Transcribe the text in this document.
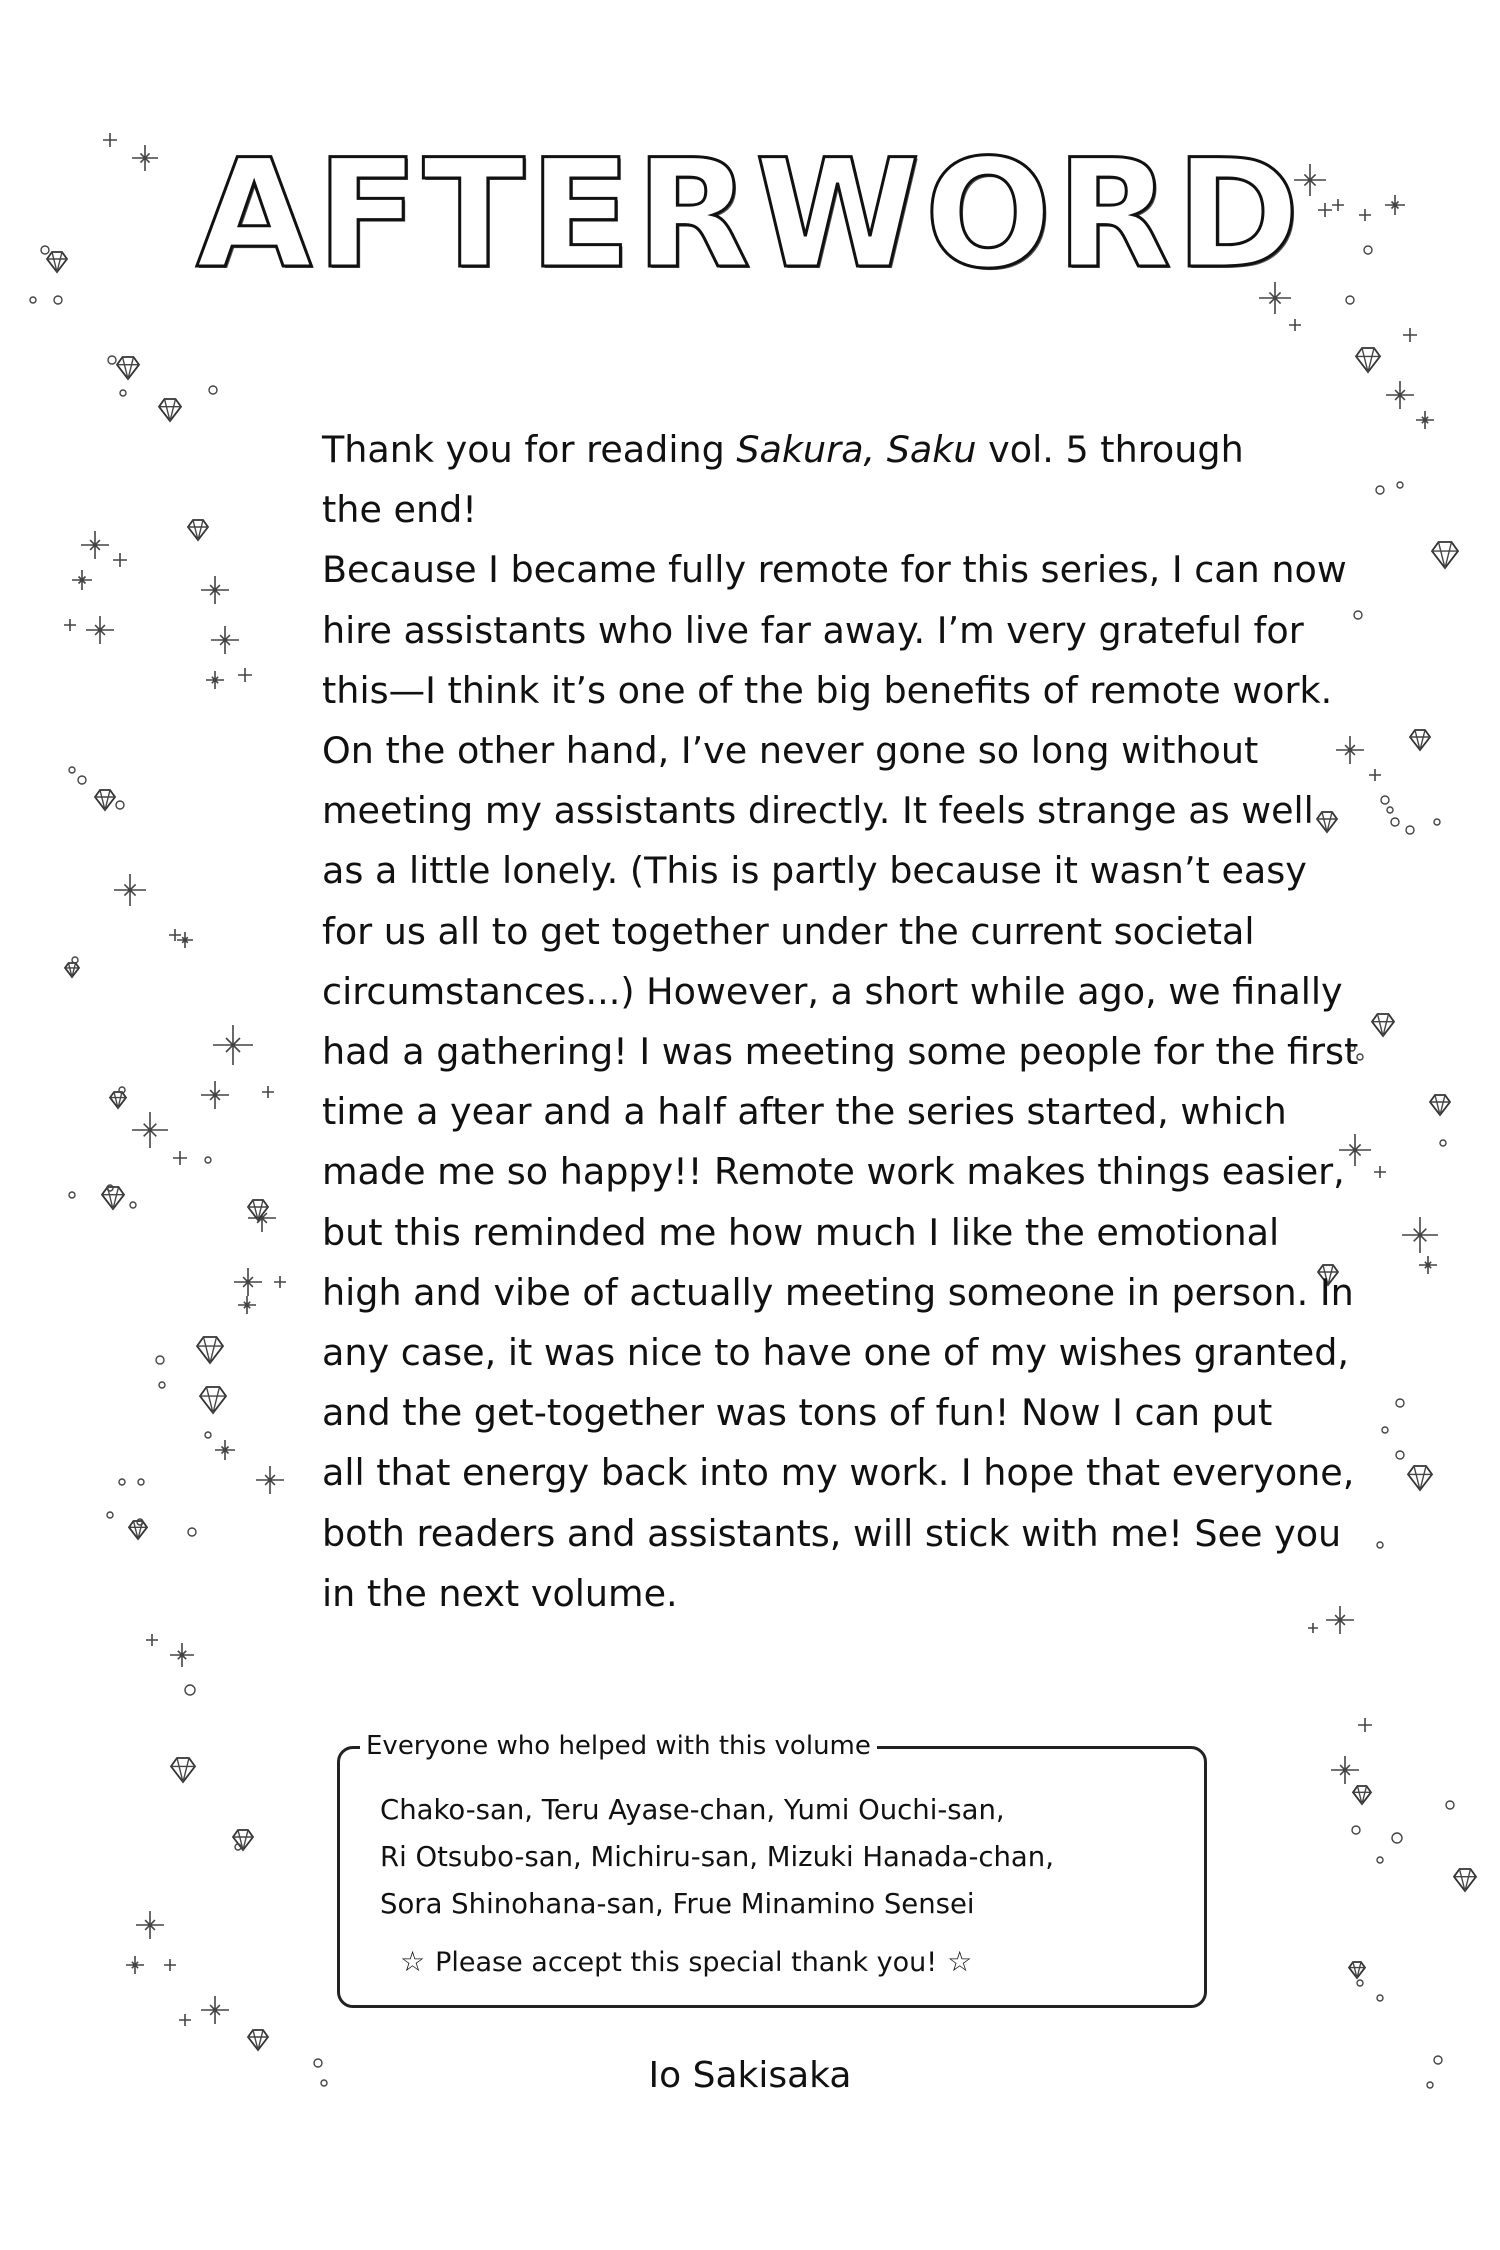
AFTERWORD

Thank you for reading Sakura, Saku vol. 5 through

the end!

Because I became fully remote for this series, I can now

hire assistants who live far away. I’m very grateful for

this—I think it’s one of the big benefits of remote work.

On the other hand, I’ve never gone so long without

meeting my assistants directly. It feels strange as well

as a little lonely. (This is partly because it wasn’t easy

for us all to get together under the current societal

circumstances...) However, a short while ago, we finally

had a gathering! I was meeting some people for the first

time a year and a half after the series started, which

made me so happy!! Remote work makes things easier,

but this reminded me how much I like the emotional

high and vibe of actually meeting someone in person. In

any case, it was nice to have one of my wishes granted,

and the get-together was tons of fun! Now I can put

all that energy back into my work. I hope that everyone,

both readers and assistants, will stick with me! See you

in the next volume.

Everyone who helped with this volume
Chako-san, Teru Ayase-chan, Yumi Ouchi-san,
Ri Otsubo-san, Michiru-san, Mizuki Hanada-chan,
Sora Shinohana-san, Frue Minamino Sensei
☆ Please accept this special thank you! ☆
Io Sakisaka
